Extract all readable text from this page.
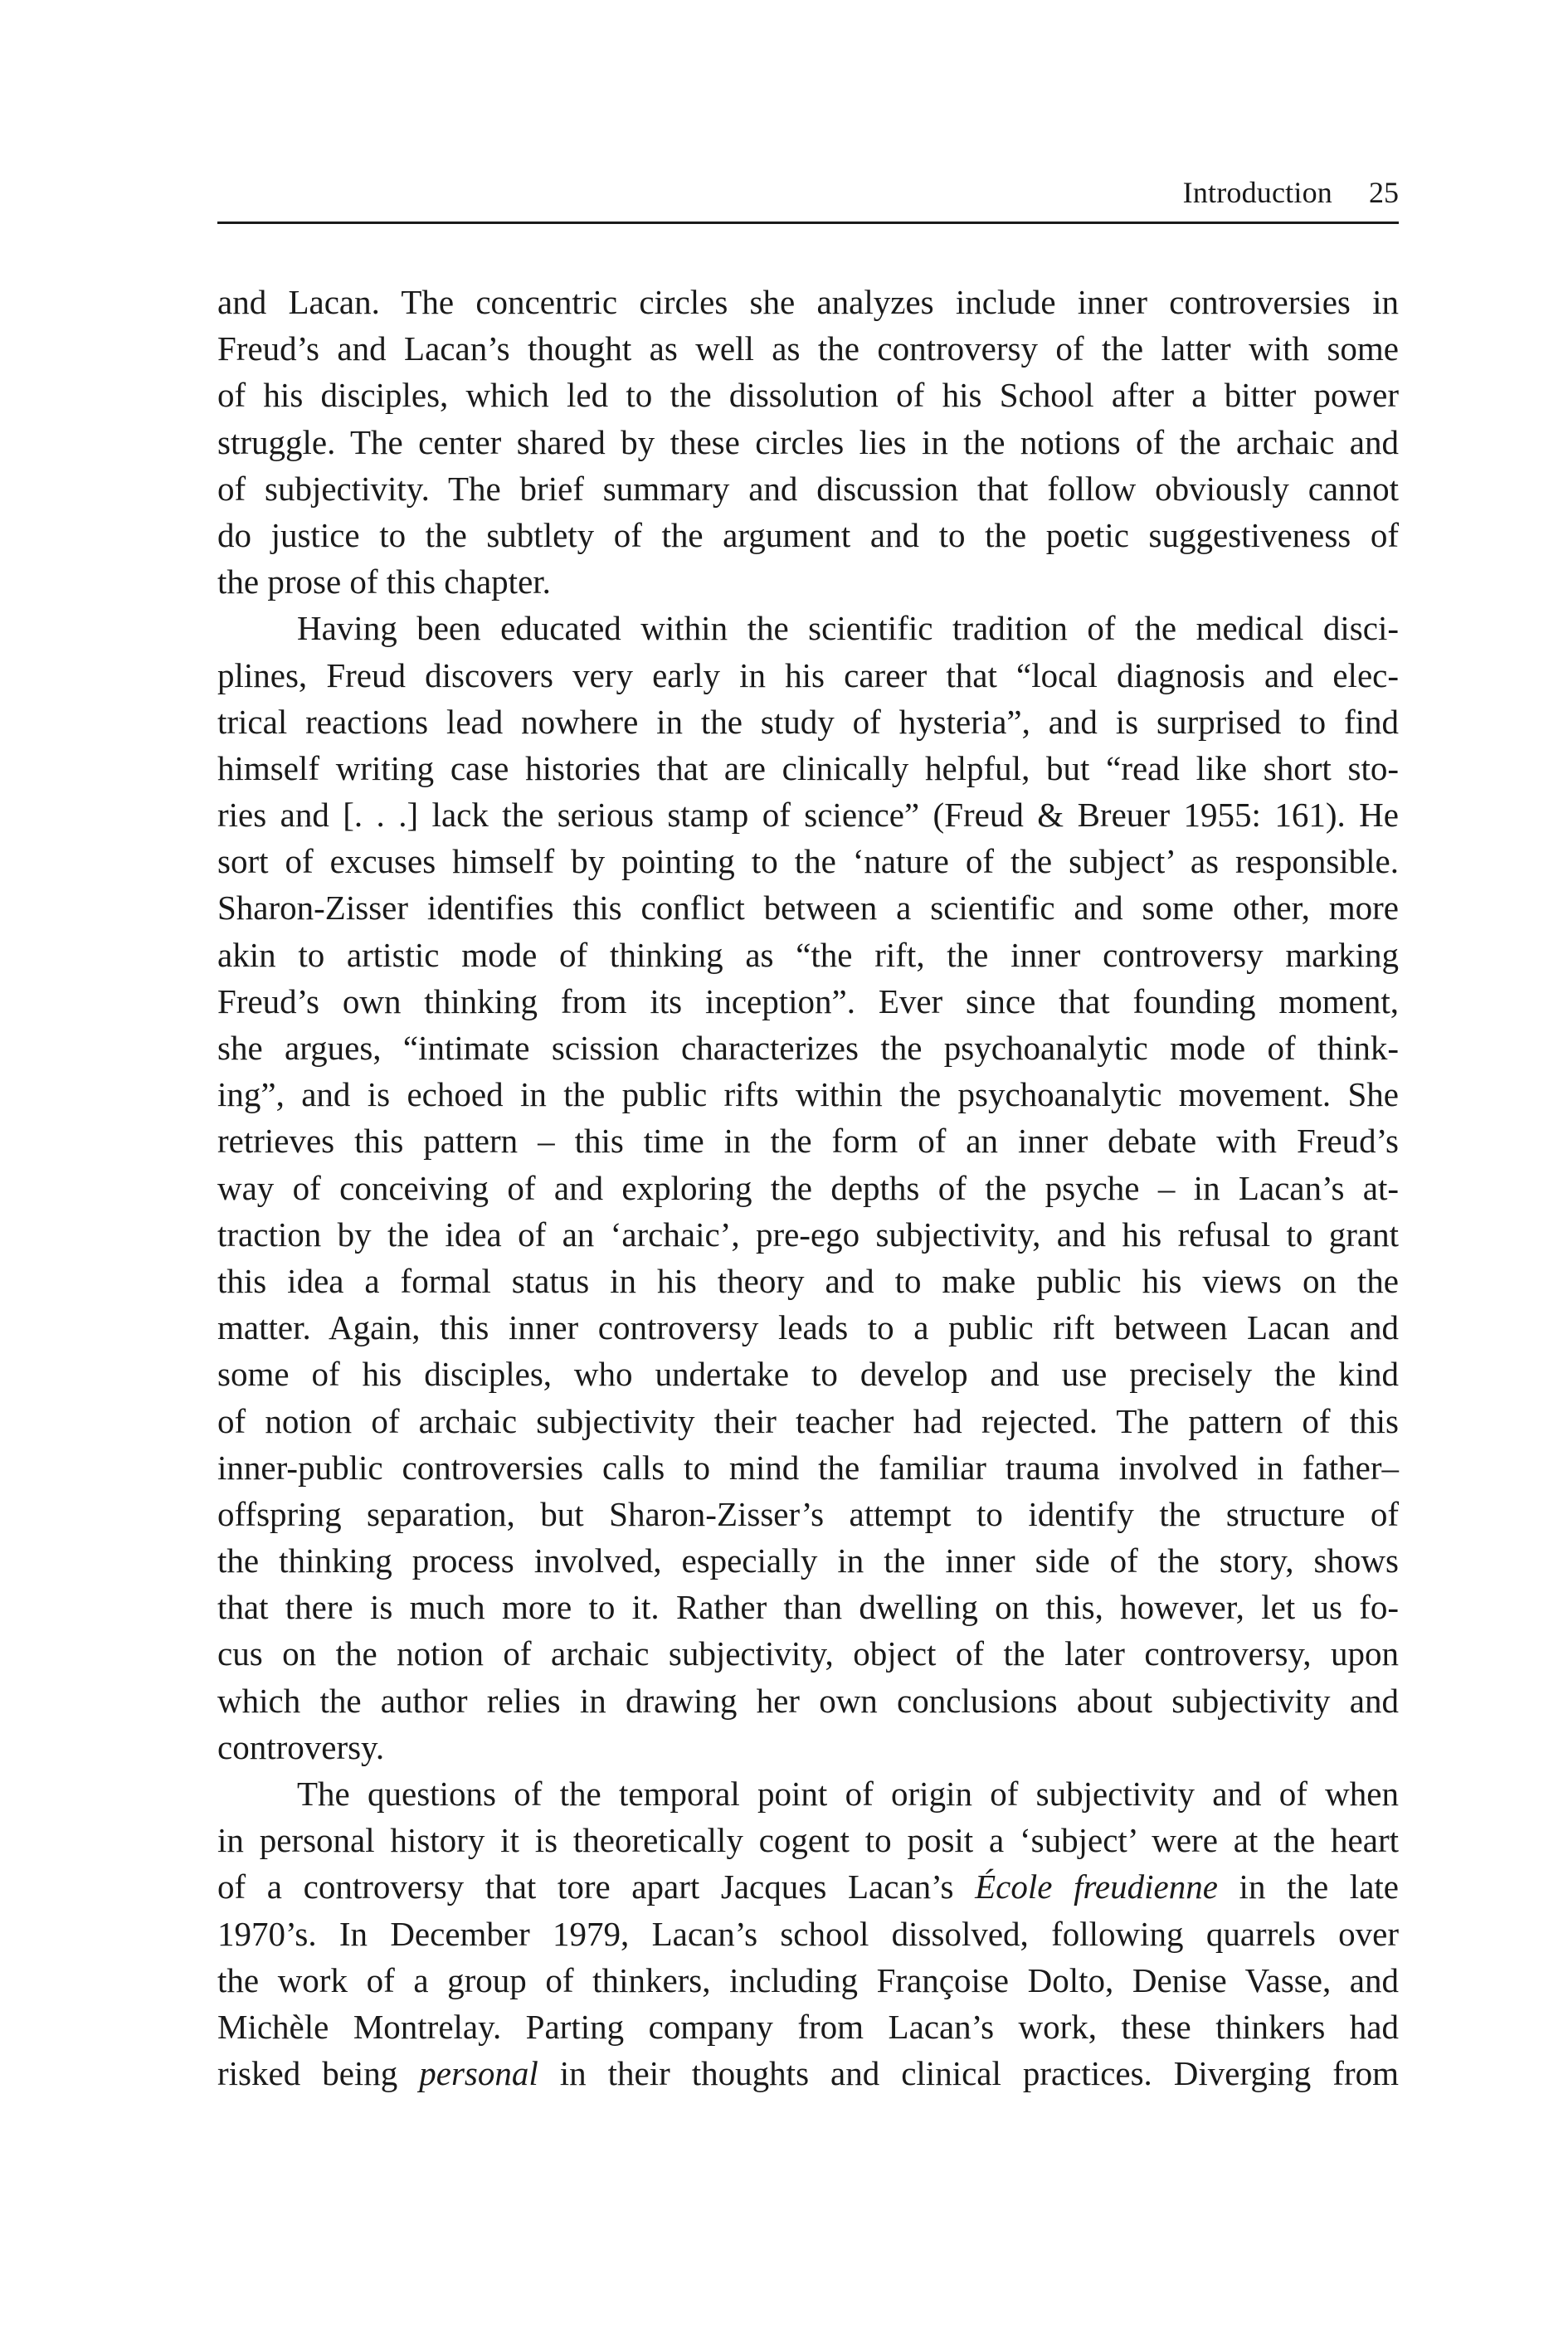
Introduction 25
and Lacan. The concentric circles she analyzes include inner controversies in
Freud’s and Lacan’s thought as well as the controversy of the latter with some
of his disciples, which led to the dissolution of his School after a bitter power
struggle. The center shared by these circles lies in the notions of the archaic and
of subjectivity. The brief summary and discussion that follow obviously cannot
do justice to the subtlety of the argument and to the poetic suggestiveness of
the prose of this chapter.
Having been educated within the scientific tradition of the medical disci-
plines, Freud discovers very early in his career that “local diagnosis and elec-
trical reactions lead nowhere in the study of hysteria”, and is surprised to find
himself writing case histories that are clinically helpful, but “read like short sto-
ries and [. . .] lack the serious stamp of science” (Freud & Breuer 1955: 161). He
sort of excuses himself by pointing to the ‘nature of the subject’ as responsible.
Sharon-Zisser identifies this conflict between a scientific and some other, more
akin to artistic mode of thinking as “the rift, the inner controversy marking
Freud’s own thinking from its inception”. Ever since that founding moment,
she argues, “intimate scission characterizes the psychoanalytic mode of think-
ing”, and is echoed in the public rifts within the psychoanalytic movement. She
retrieves this pattern – this time in the form of an inner debate with Freud’s
way of conceiving of and exploring the depths of the psyche – in Lacan’s at-
traction by the idea of an ‘archaic’, pre-ego subjectivity, and his refusal to grant
this idea a formal status in his theory and to make public his views on the
matter. Again, this inner controversy leads to a public rift between Lacan and
some of his disciples, who undertake to develop and use precisely the kind
of notion of archaic subjectivity their teacher had rejected. The pattern of this
inner-public controversies calls to mind the familiar trauma involved in father–
offspring separation, but Sharon-Zisser’s attempt to identify the structure of
the thinking process involved, especially in the inner side of the story, shows
that there is much more to it. Rather than dwelling on this, however, let us fo-
cus on the notion of archaic subjectivity, object of the later controversy, upon
which the author relies in drawing her own conclusions about subjectivity and
controversy.
The questions of the temporal point of origin of subjectivity and of when
in personal history it is theoretically cogent to posit a ‘subject’ were at the heart
of a controversy that tore apart Jacques Lacan’s École freudienne in the late
1970’s. In December 1979, Lacan’s school dissolved, following quarrels over
the work of a group of thinkers, including Françoise Dolto, Denise Vasse, and
Michèle Montrelay. Parting company from Lacan’s work, these thinkers had
risked being personal in their thoughts and clinical practices. Diverging from
